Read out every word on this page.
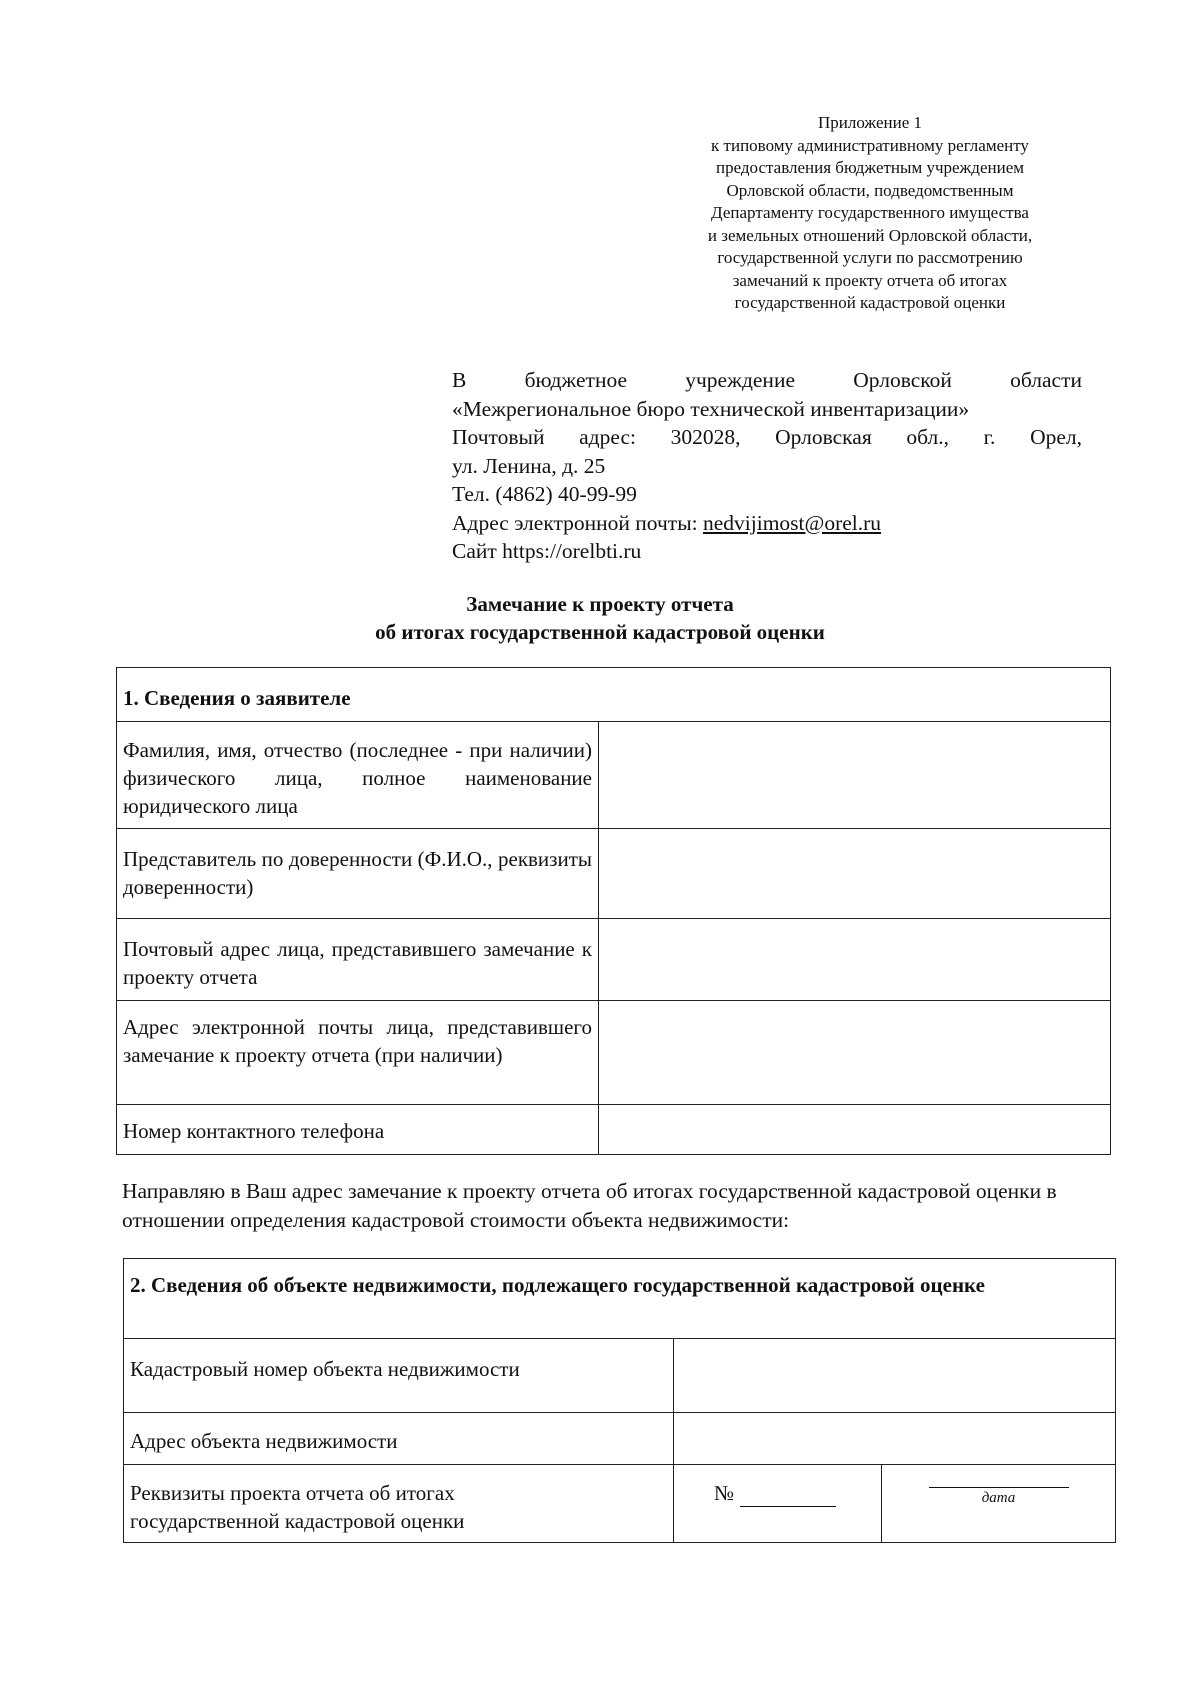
Приложение 1
к типовому административному регламенту
предоставления бюджетным учреждением
Орловской области, подведомственным
Департаменту государственного имущества
и земельных отношений Орловской области,
государственной услуги по рассмотрению
замечаний к проекту отчета об итогах
государственной кадастровой оценки
В бюджетное учреждение Орловской области
«Межрегиональное бюро технической инвентаризации»
Почтовый адрес: 302028, Орловская обл., г. Орел,
ул. Ленина, д. 25
Тел. (4862) 40-99-99
Адрес электронной почты: nedvijimost@orel.ru
Сайт https://orelbti.ru
Замечание к проекту отчета
об итогах государственной кадастровой оценки
1. Сведения о заявителе	
Фамилия, имя, отчество (последнее - при наличии) физического лица, полное наименование юридического лица	
Представитель по доверенности (Ф.И.О., реквизиты доверенности)	
Почтовый адрес лица, представившего замечание к проекту отчета	
Адрес электронной почты лица, представившего замечание к проекту отчета (при наличии)	
Номер контактного телефона	
Направляю в Ваш адрес замечание к проекту отчета об итогах государственной кадастровой оценки в отношении определения кадастровой стоимости объекта недвижимости:
2. Сведения об объекте недвижимости, подлежащего государственной кадастровой оценке		
Кадастровый номер объекта недвижимости		
Адрес объекта недвижимости		

Реквизиты проекта отчета об итогах
государственной кадастровой оценки	№	дата
